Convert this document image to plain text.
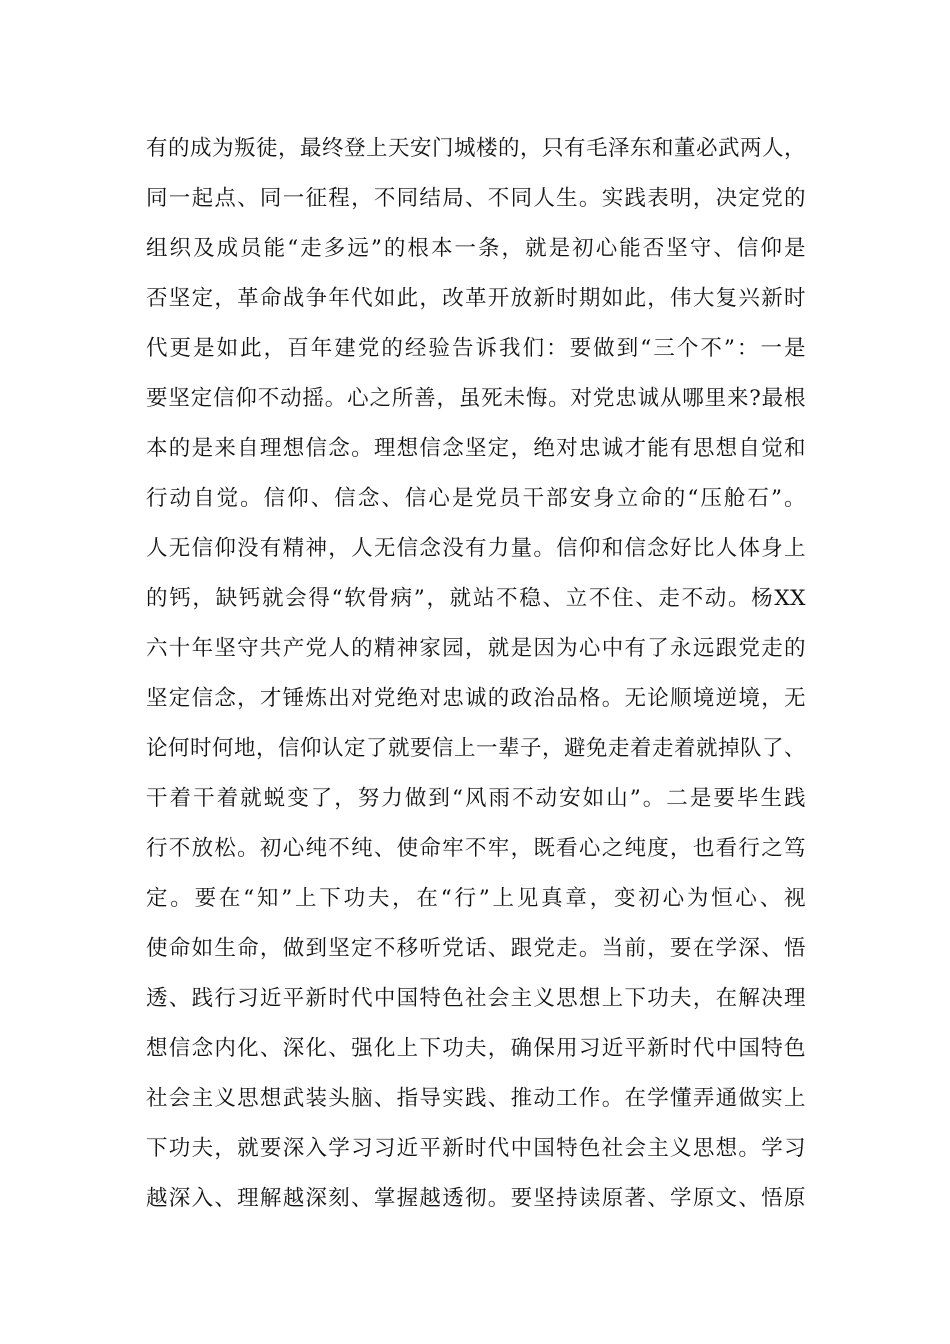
有的成为叛徒，最终登上天安门城楼的，只有毛泽东和董必武两人，
同一起点、同一征程，不同结局、不同人生。实践表明，决定党的
组织及成员能“走多远”的根本一条，就是初心能否坚守、信仰是
否坚定，革命战争年代如此，改革开放新时期如此，伟大复兴新时
代更是如此，百年建党的经验告诉我们：要做到“三个不”：一是
要坚定信仰不动摇。心之所善，虽死未悔。对党忠诚从哪里来?最根
本的是来自理想信念。理想信念坚定，绝对忠诚才能有思想自觉和
行动自觉。信仰、信念、信心是党员干部安身立命的“压舱石”。
人无信仰没有精神，人无信念没有力量。信仰和信念好比人体身上
的钙，缺钙就会得“软骨病”，就站不稳、立不住、走不动。杨XX
六十年坚守共产党人的精神家园，就是因为心中有了永远跟党走的
坚定信念，才锤炼出对党绝对忠诚的政治品格。无论顺境逆境，无
论何时何地，信仰认定了就要信上一辈子，避免走着走着就掉队了、
干着干着就蜕变了，努力做到“风雨不动安如山”。二是要毕生践
行不放松。初心纯不纯、使命牢不牢，既看心之纯度，也看行之笃
定。要在“知”上下功夫，在“行”上见真章，变初心为恒心、视
使命如生命，做到坚定不移听党话、跟党走。当前，要在学深、悟
透、践行习近平新时代中国特色社会主义思想上下功夫，在解决理
想信念内化、深化、强化上下功夫，确保用习近平新时代中国特色
社会主义思想武装头脑、指导实践、推动工作。在学懂弄通做实上
下功夫，就要深入学习习近平新时代中国特色社会主义思想。学习
越深入、理解越深刻、掌握越透彻。要坚持读原著、学原文、悟原
